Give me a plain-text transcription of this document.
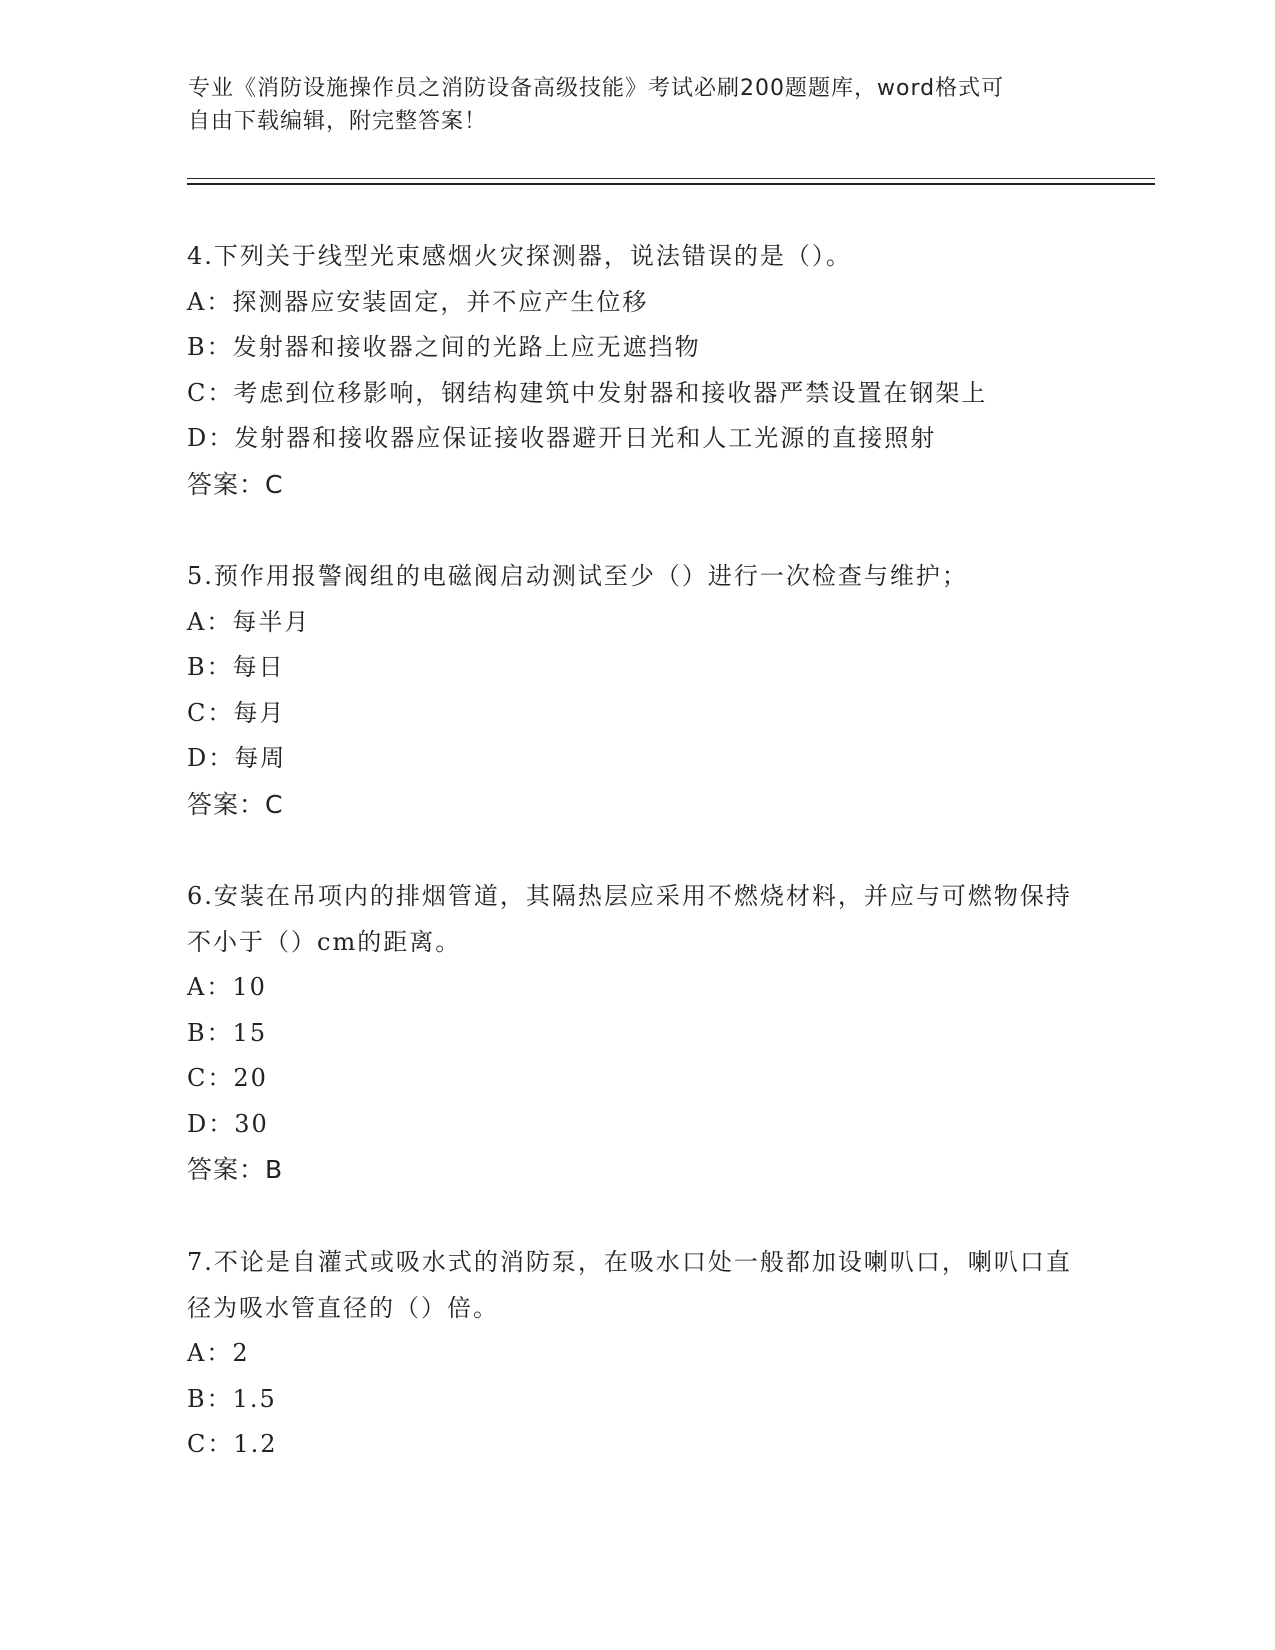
专业《消防设施操作员之消防设备高级技能》考试必刷200题题库，word格式可
自由下载编辑，附完整答案！

4.下列关于线型光束感烟火灾探测器，说法错误的是（）。

A：探测器应安装固定，并不应产生位移

B：发射器和接收器之间的光路上应无遮挡物

C：考虑到位移影响，钢结构建筑中发射器和接收器严禁设置在钢架上

D：发射器和接收器应保证接收器避开日光和人工光源的直接照射

答案：C

5.预作用报警阀组的电磁阀启动测试至少（）进行一次检查与维护；

A：每半月

B：每日

C：每月

D：每周

答案：C

6.安装在吊项内的排烟管道，其隔热层应采用不燃烧材料，并应与可燃物保持不小于（）cm的距离。

A：10

B：15

C：20

D：30

答案：B

7.不论是自灌式或吸水式的消防泵，在吸水口处一般都加设喇叭口，喇叭口直径为吸水管直径的（）倍。

A：2

B：1.5

C：1.2
